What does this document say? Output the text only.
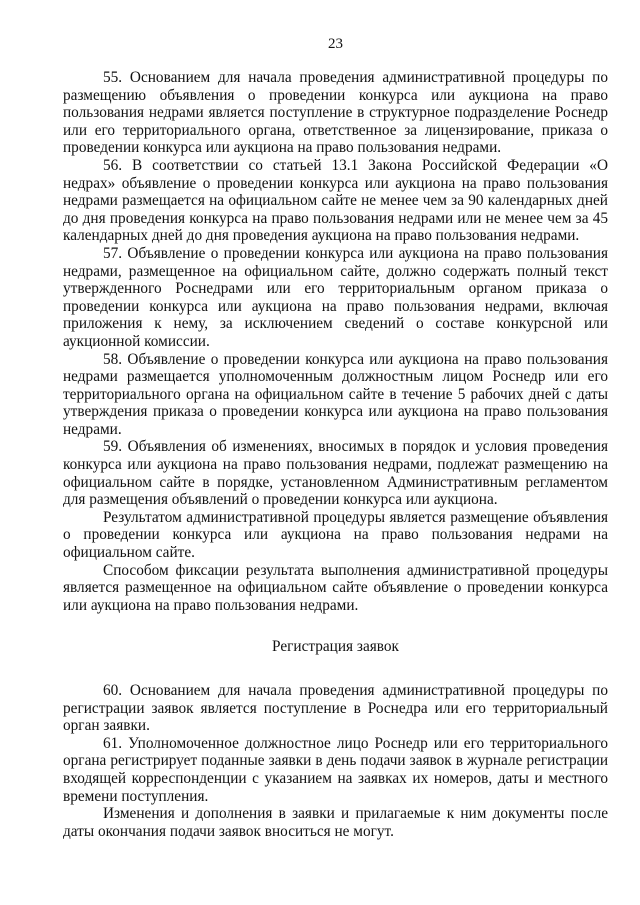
23

55. Основанием для начала проведения административной процедуры по размещению объявления о проведении конкурса или аукциона на право пользования недрами является поступление в структурное подразделение Роснедр или его территориального органа, ответственное за лицензирование, приказа о проведении конкурса или аукциона на право пользования недрами.

56. В соответствии со статьей 13.1 Закона Российской Федерации «О недрах» объявление о проведении конкурса или аукциона на право пользования недрами размещается на официальном сайте не менее чем за 90 календарных дней до дня проведения конкурса на право пользования недрами или не менее чем за 45 календарных дней до дня проведения аукциона на право пользования недрами.

57. Объявление о проведении конкурса или аукциона на право пользования недрами, размещенное на официальном сайте, должно содержать полный текст утвержденного Роснедрами или его территориальным органом приказа о проведении конкурса или аукциона на право пользования недрами, включая приложения к нему, за исключением сведений о составе конкурсной или аукционной комиссии.

58. Объявление о проведении конкурса или аукциона на право пользования недрами размещается уполномоченным должностным лицом Роснедр или его территориального органа на официальном сайте в течение 5 рабочих дней с даты утверждения приказа о проведении конкурса или аукциона на право пользования недрами.

59. Объявления об изменениях, вносимых в порядок и условия проведения конкурса или аукциона на право пользования недрами, подлежат размещению на официальном сайте в порядке, установленном Административным регламентом для размещения объявлений о проведении конкурса или аукциона.

Результатом административной процедуры является размещение объявления о проведении конкурса или аукциона на право пользования недрами на официальном сайте.

Способом фиксации результата выполнения административной процедуры является размещенное на официальном сайте объявление о проведении конкурса или аукциона на право пользования недрами.

Регистрация заявок

60. Основанием для начала проведения административной процедуры по регистрации заявок является поступление в Роснедра или его территориальный орган заявки.

61. Уполномоченное должностное лицо Роснедр или его территориального органа регистрирует поданные заявки в день подачи заявок в журнале регистрации входящей корреспонденции с указанием на заявках их номеров, даты и местного времени поступления.

Изменения и дополнения в заявки и прилагаемые к ним документы после даты окончания подачи заявок вноситься не могут.
